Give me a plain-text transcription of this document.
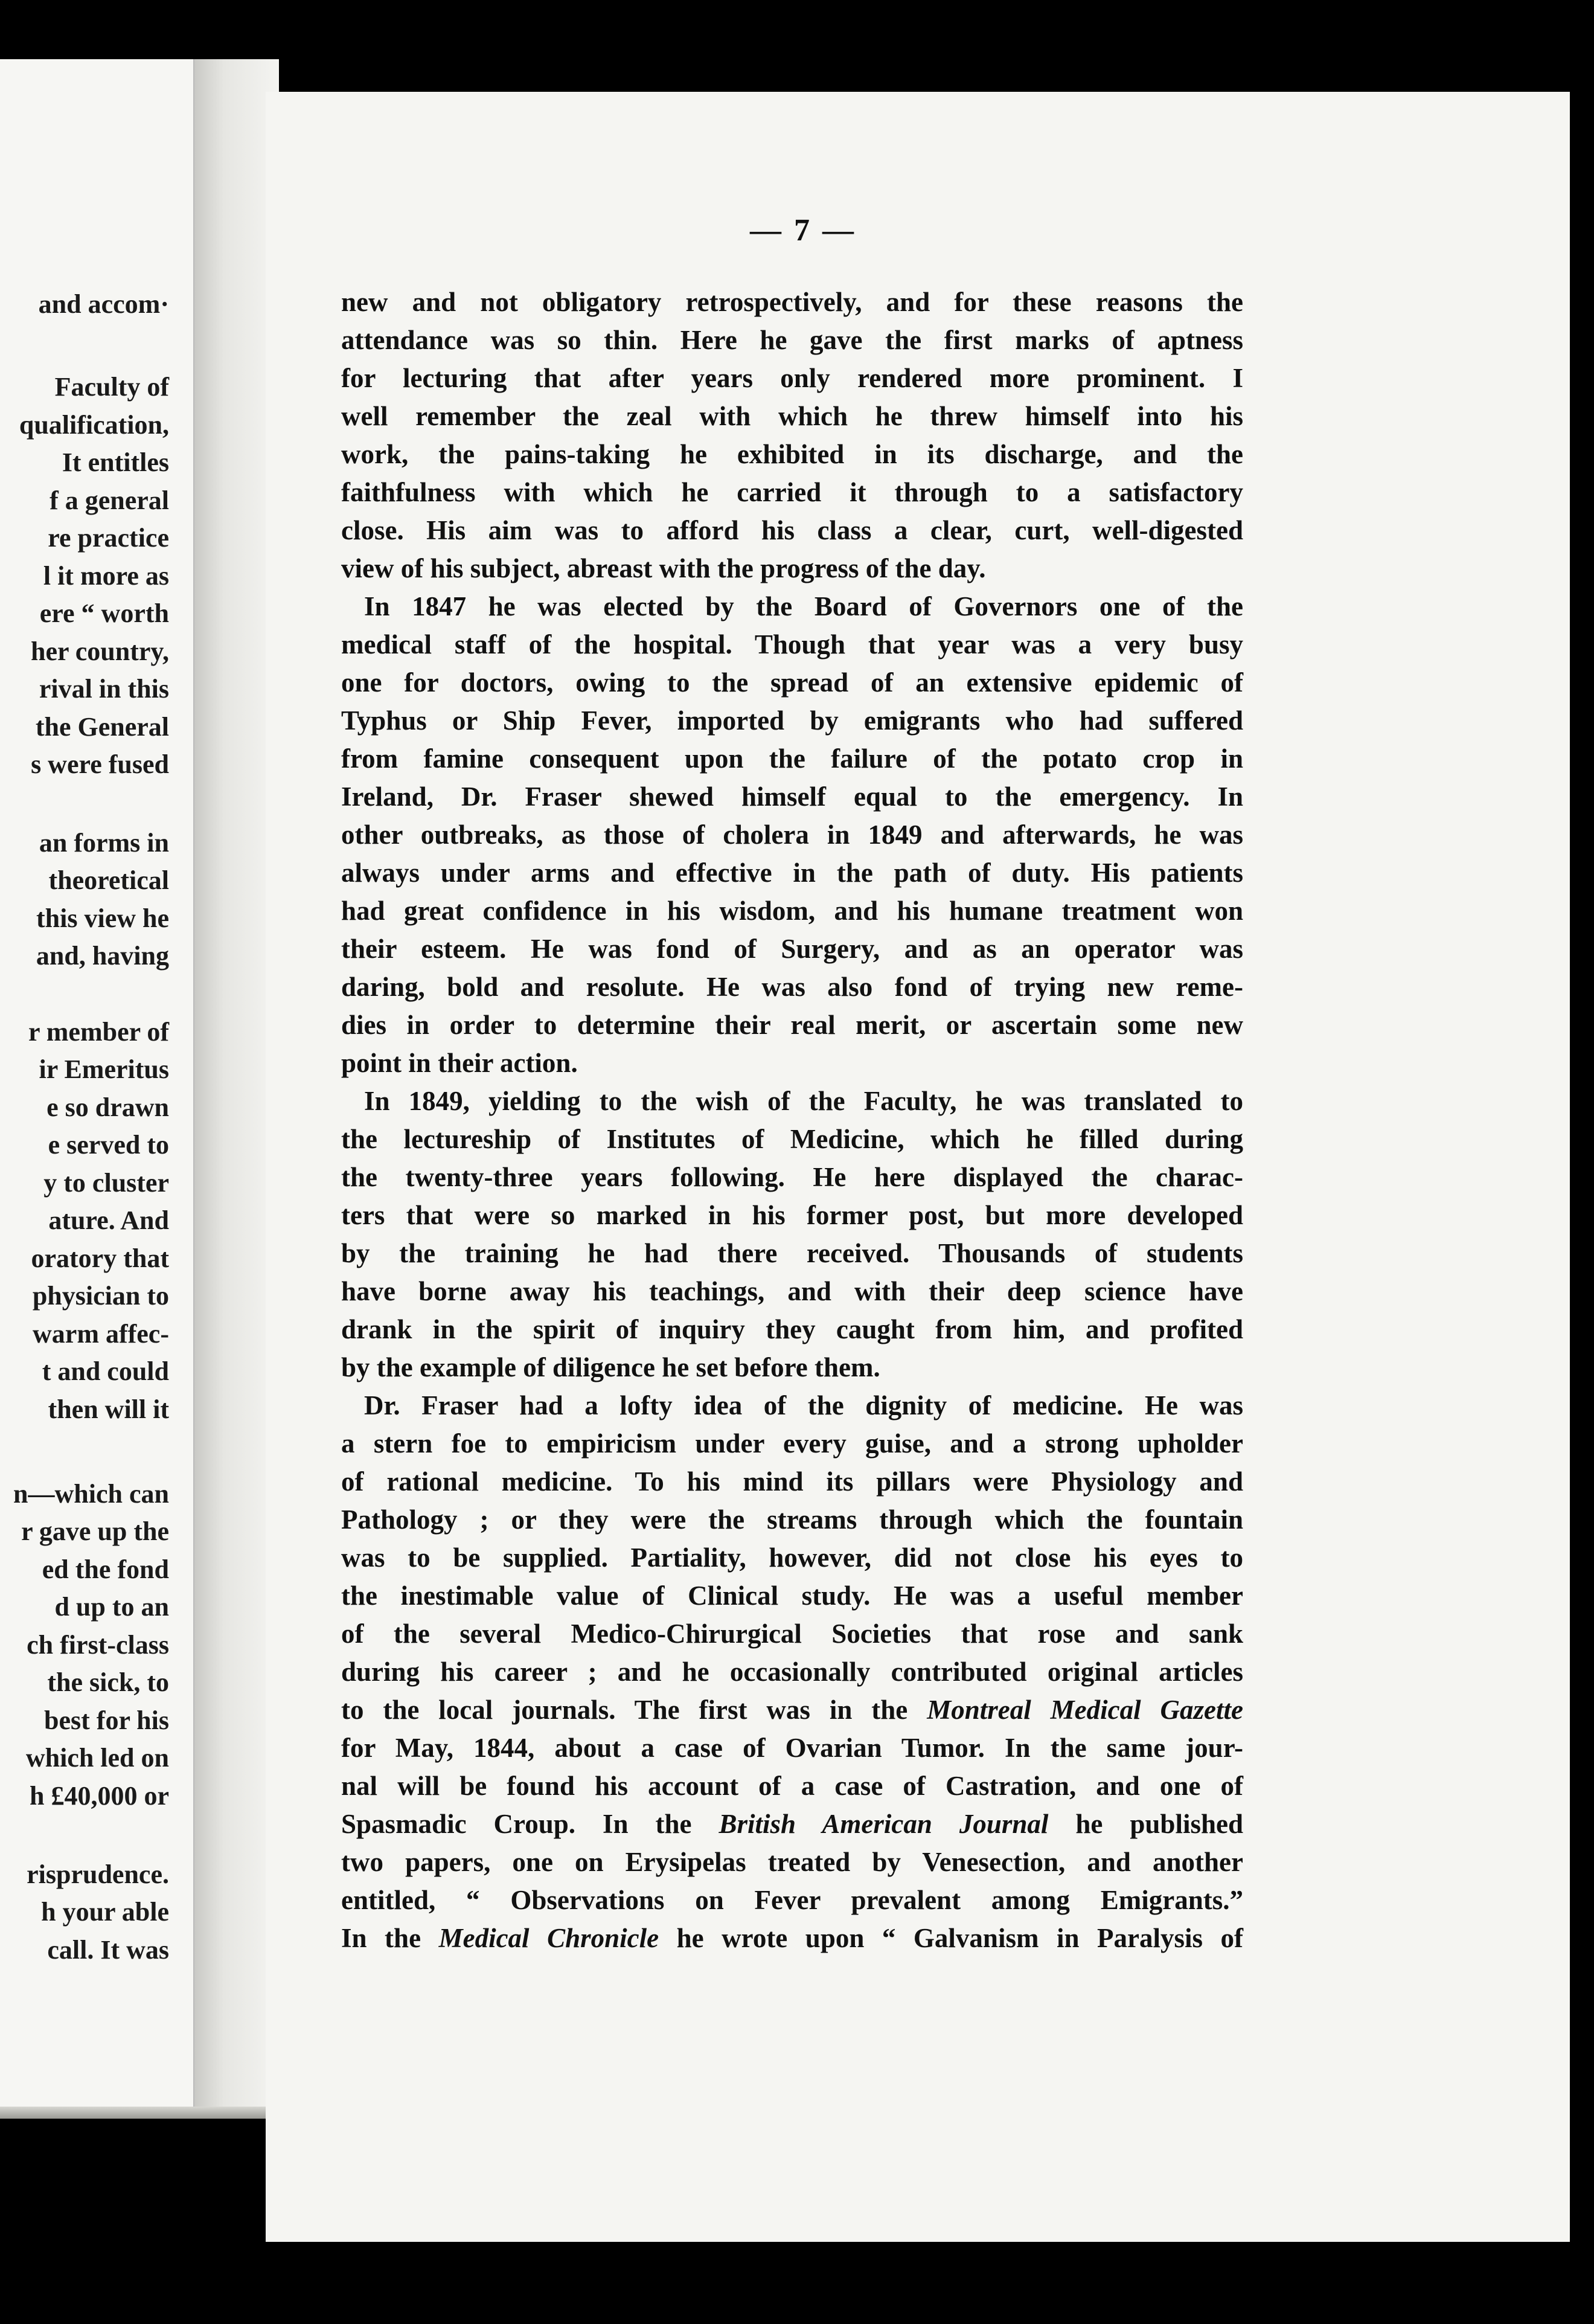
and accom·
Faculty of
qualification,
It entitles
f a general
re practice
l it more as
ere “ worth
her country,
rival in this
the General
s were fused
an forms in
theoretical
this view he
and, having
r member of
ir Emeritus
e so drawn
e served to
y to cluster
ature. And
oratory that
physician to
warm affec-
t and could
then will it
n—which can
r gave up the
ed the fond
d up to an
ch first-class
the sick, to
best for his
which led on
h £40,000 or
risprudence.
h your able
call. It was
— 7 —
new and not obligatory retrospectively, and for these reasons the
attendance was so thin. Here he gave the first marks of aptness
for lecturing that after years only rendered more prominent. I
well remember the zeal with which he threw himself into his
work, the pains-taking he exhibited in its discharge, and the
faithfulness with which he carried it through to a satisfactory
close. His aim was to afford his class a clear, curt, well-digested
view of his subject, abreast with the progress of the day.
In 1847 he was elected by the Board of Governors one of the
medical staff of the hospital. Though that year was a very busy
one for doctors, owing to the spread of an extensive epidemic of
Typhus or Ship Fever, imported by emigrants who had suffered
from famine consequent upon the failure of the potato crop in
Ireland, Dr. Fraser shewed himself equal to the emergency. In
other outbreaks, as those of cholera in 1849 and afterwards, he was
always under arms and effective in the path of duty. His patients
had great confidence in his wisdom, and his humane treatment won
their esteem. He was fond of Surgery, and as an operator was
daring, bold and resolute. He was also fond of trying new reme-
dies in order to determine their real merit, or ascertain some new
point in their action.
In 1849, yielding to the wish of the Faculty, he was translated to
the lectureship of Institutes of Medicine, which he filled during
the twenty-three years following. He here displayed the charac-
ters that were so marked in his former post, but more developed
by the training he had there received. Thousands of students
have borne away his teachings, and with their deep science have
drank in the spirit of inquiry they caught from him, and profited
by the example of diligence he set before them.
Dr. Fraser had a lofty idea of the dignity of medicine. He was
a stern foe to empiricism under every guise, and a strong upholder
of rational medicine. To his mind its pillars were Physiology and
Pathology ; or they were the streams through which the fountain
was to be supplied. Partiality, however, did not close his eyes to
the inestimable value of Clinical study. He was a useful member
of the several Medico-Chirurgical Societies that rose and sank
during his career ; and he occasionally contributed original articles
to the local journals. The first was in the Montreal Medical Gazette
for May, 1844, about a case of Ovarian Tumor. In the same jour-
nal will be found his account of a case of Castration, and one of
Spasmadic Croup. In the British American Journal he published
two papers, one on Erysipelas treated by Venesection, and another
entitled, “ Observations on Fever prevalent among Emigrants.”
In the Medical Chronicle he wrote upon “ Galvanism in Paralysis of
